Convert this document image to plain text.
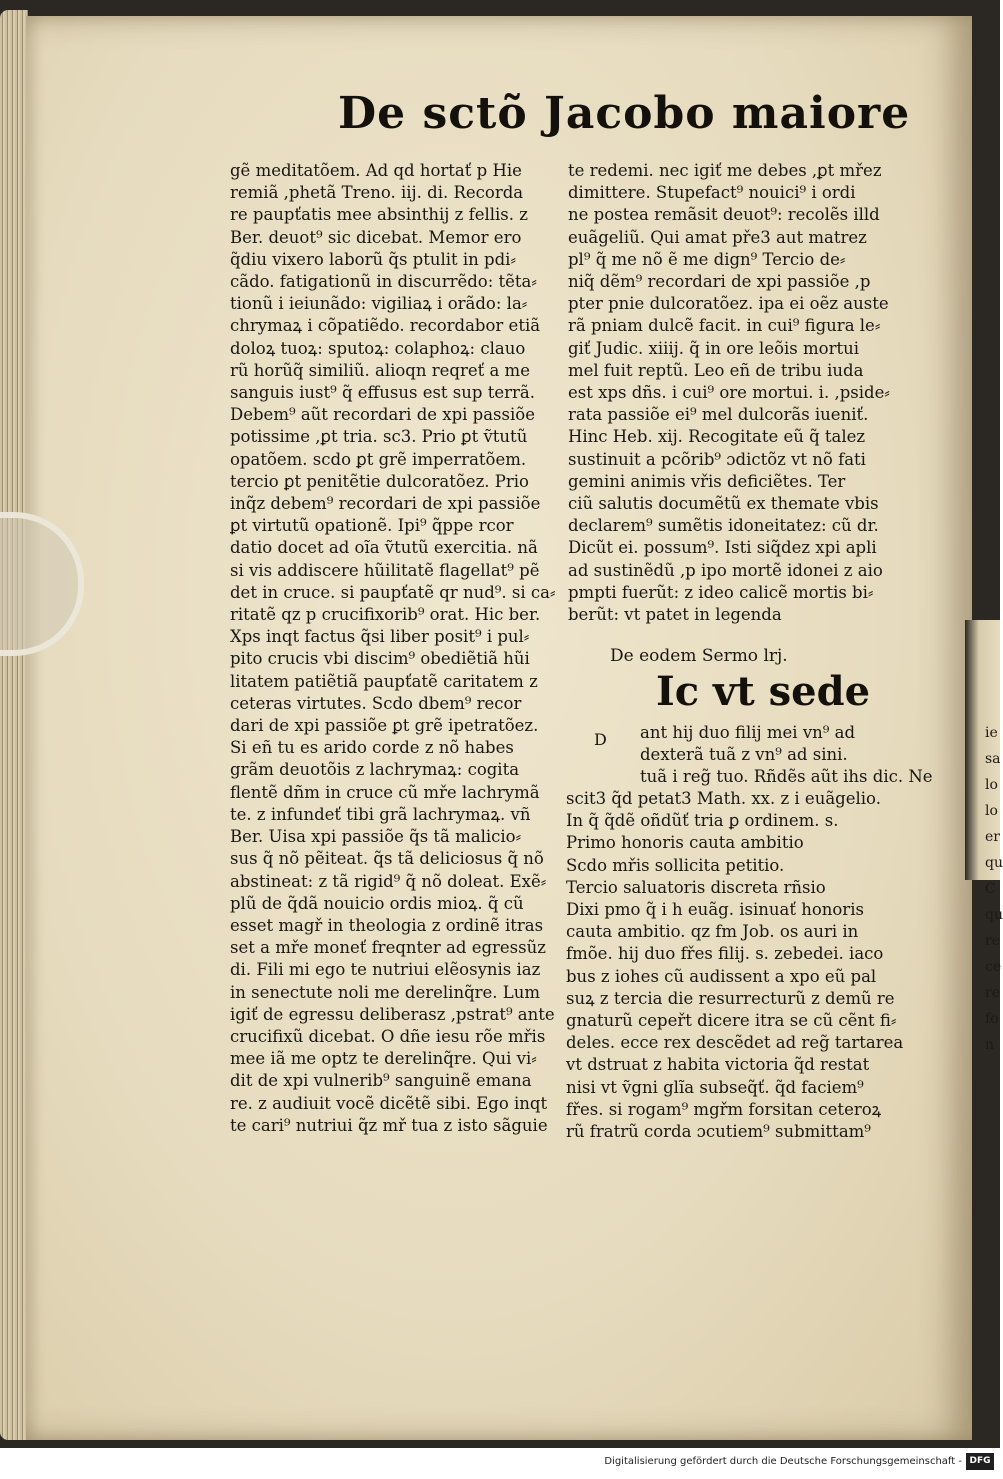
ie
sa
lo
lo
er
qu
C
qu
re
ce
re
fo
n
De sctõ Jacobo maiore
gẽ meditatõem. Ad qd hortať p Hie
remiã ,phetã Treno. iij. di. Recorda
re paupťatis mee absinthij z fellis. z
Ber. deuot⁹ sic dicebat. Memor ero
q̃diu vixero laborũ q̃s ptulit in pdi⸗
cãdo. fatigationũ in discurrẽdo: tẽta⸗
tionũ i ieiunãdo: vigiliaꝝ i orãdo: la⸗
chrymaꝝ i cõpatiẽdo. recordabor etiã
doloꝝ tuoꝝ: sputoꝝ: colaphoꝝ: clauo
rũ horũq̃ similiũ. alioqn reqreť a me
sanguis iust⁹ q̃ effusus est sup terrã.
Debem⁹ aũt recordari de xpi passiõe
potissime ,ꝑt tria. sc3. Prio ꝑt ṽtutũ
opatõem. scdo ꝑt grẽ imperratõem.
tercio ꝑt penitẽtie dulcoratõez. Prio
inq̃z debem⁹ recordari de xpi passiõe
ꝑt virtutũ opationẽ. Ipi⁹ q̃ppe rcor
datio docet ad oĩa ṽtutũ exercitia. nã
si vis addiscere hũilitatẽ flagellat⁹ pẽ
det in cruce. si paupťatẽ qr nud⁹. si ca⸗
ritatẽ qz p crucifixorib⁹ orat. Hic ber.
Xps inqt factus q̃si liber posit⁹ i pul⸗
pito crucis vbi discim⁹ obediẽtiã hũi
litatem patiẽtiã paupťatẽ caritatem z
ceteras virtutes. Scdo dbem⁹ recor
dari de xpi passiõe ꝑt grẽ ipetratõez.
Si eñ tu es arido corde z nõ habes
grãm deuotõis z lachrymaꝝ: cogita
flentẽ dñm in cruce cũ mře lachrymã
te. z infundeť tibi grã lachrymaꝝ. vñ
Ber. Uisa xpi passiõe q̃s tã malicio⸗
sus q̃ nõ pẽiteat. q̃s tã deliciosus q̃ nõ
abstineat: z tã rigid⁹ q̃ nõ doleat. Exẽ⸗
plũ de q̃dã nouicio ordis mioꝝ. q̃ cũ
esset magř in theologia z ordinẽ itras
set a mře moneť freqnter ad egressũz
di. Fili mi ego te nutriui elẽosynis iaz
in senectute noli me derelinq̃re. Lum
igiť de egressu deliberasz ,pstrat⁹ ante
crucifixũ dicebat. O dñe iesu rõe mřis
mee iã me optz te derelinq̃re. Qui vi⸗
dit de xpi vulnerib⁹ sanguinẽ emana
re. z audiuit vocẽ dicẽtẽ sibi. Ego inqt
te cari⁹ nutriui q̃z mř tua z isto sãguie
te redemi. nec igiť me debes ,ꝑt mřez
dimittere. Stupefact⁹ nouici⁹ i ordi
ne postea remãsit deuot⁹: recolẽs illd
euãgeliũ. Qui amat pře3 aut matrez
pl⁹ q̃ me nõ ẽ me dign⁹ Tercio de⸗
niq̃ dẽm⁹ recordari de xpi passiõe ,p
pter pnie dulcoratõez. ipa ei oẽz auste
rã pniam dulcẽ facit. in cui⁹ figura le⸗
giť Judic. xiiij. q̃ in ore leõis mortui
mel fuit reptũ. Leo eñ de tribu iuda
est xps dñs. i cui⁹ ore mortui. i. ,pside⸗
rata passiõe ei⁹ mel dulcorãs iueniť.
Hinc Heb. xij. Recogitate eũ q̃ talez
sustinuit a pcõrib⁹ ɔdictõz vt nõ fati
gemini animis vřis deficiẽtes. Ter
ciũ salutis documẽtũ ex themate vbis
declarem⁹ sumẽtis idoneitatez: cũ dr.
Dicũt ei. possum⁹. Isti siq̃dez xpi apli
ad sustinẽdũ ,p ipo mortẽ idonei z aio
pmpti fuerũt: z ideo calicẽ mortis bi⸗
berũt: vt patet in legenda
De eodem Sermo lrj.
Ic vt sede
D ant hij duo filij mei vn⁹ ad
dexterã tuã z vn⁹ ad sini.
tuã i reg̃ tuo. Rñdẽs aũt ihs dic. Ne
scit3 q̃d petat3 Math. xx. z i euãgelio.
In q̃ q̃dẽ oñdũť tria ꝑ ordinem. s.
Primo honoris cauta ambitio
Scdo mřis sollicita petitio.
Tercio saluatoris discreta rñsio
Dixi pmo q̃ i h euãg. isinuať honoris
cauta ambitio. qz fm Job. os auri in
fmõe. hij duo fřes filij. s. zebedei. iaco
bus z iohes cũ audissent a xpo eũ pal
suꝝ z tercia die resurrecturũ z demũ re
gnaturũ cepeřt dicere itra se cũ cẽnt fi⸗
deles. ecce rex descẽdet ad reg̃ tartarea
vt dstruat z habita victoria q̃d restat
nisi vt ṽgni glĩa subseq̃ť. q̃d faciem⁹
fřes. si rogam⁹ mgřm forsitan ceteroꝝ
rũ fratrũ corda ɔcutiem⁹ submittam⁹
Digitalisierung gefördert durch die Deutsche Forschungsgemeinschaft - DFG
